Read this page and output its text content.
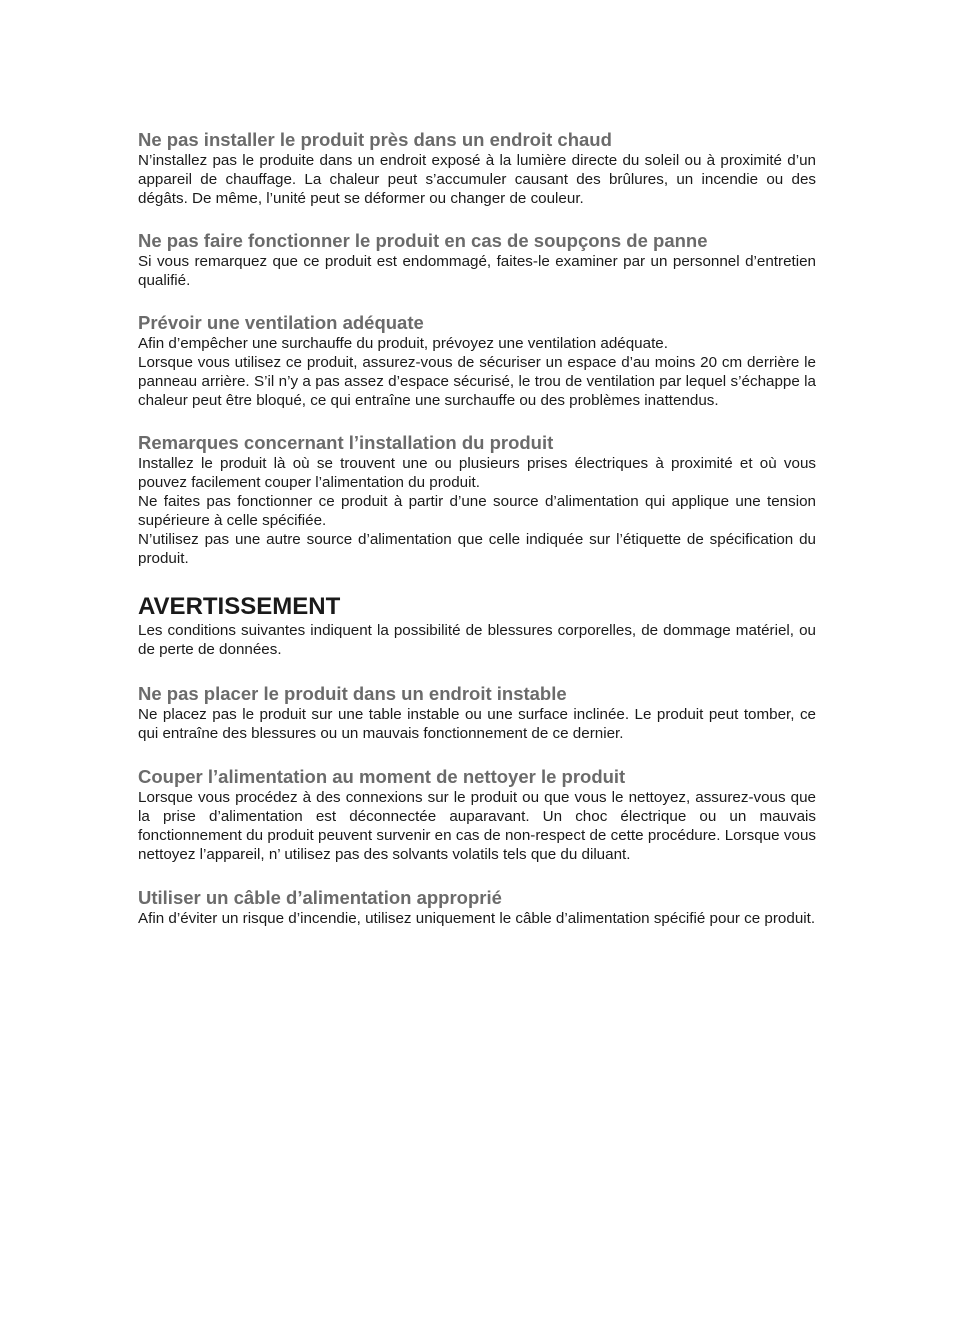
Ne pas installer le produit près dans un endroit chaud

N’installez pas le produite dans un endroit exposé à la lumière directe du soleil ou à proximité d’un appareil de chauffage. La chaleur peut s’accumuler causant des brûlures, un incendie ou des dégâts. De même, l’unité peut se déformer ou changer de couleur.

Ne pas faire fonctionner le produit en cas de soupçons de panne

Si vous remarquez que ce produit est endommagé, faites-le examiner par un personnel d’entretien qualifié.

Prévoir une ventilation adéquate

Afin d’empêcher une surchauffe du produit, prévoyez une ventilation adéquate.

Lorsque vous utilisez ce produit, assurez-vous de sécuriser un espace d’au moins 20 cm derrière le panneau arrière. S’il n’y a pas assez d’espace sécurisé, le trou de ventilation par lequel s’échappe la chaleur peut être bloqué, ce qui entraîne une surchauffe ou des problèmes inattendus.

Remarques concernant l’installation du produit

Installez le produit là où se trouvent une ou plusieurs prises électriques à proximité et où vous pouvez facilement couper l’alimentation du produit.

Ne faites pas fonctionner ce produit à partir d’une source d’alimentation qui applique une tension supérieure à celle spécifiée.

N’utilisez pas une autre source d’alimentation que celle indiquée sur l’étiquette de spécification du produit.

AVERTISSEMENT

Les conditions suivantes indiquent la possibilité de blessures corporelles, de dommage matériel, ou de perte de données.

Ne pas placer le produit dans un endroit instable

Ne placez pas le produit sur une table instable ou une surface inclinée. Le produit peut tomber, ce qui entraîne des blessures ou un mauvais fonctionnement de ce dernier.

Couper l’alimentation au moment de nettoyer le produit

Lorsque vous procédez à des connexions sur le produit ou que vous le nettoyez, assurez-vous que la prise d’alimentation est déconnectée auparavant. Un choc électrique ou un mauvais fonctionnement du produit peuvent survenir en cas de non-respect de cette procédure. Lorsque vous nettoyez l’appareil, n’ utilisez pas des solvants volatils tels que du diluant.

Utiliser un câble d’alimentation approprié

Afin d’éviter un risque d’incendie, utilisez uniquement le câble d’alimentation spécifié pour ce produit.
